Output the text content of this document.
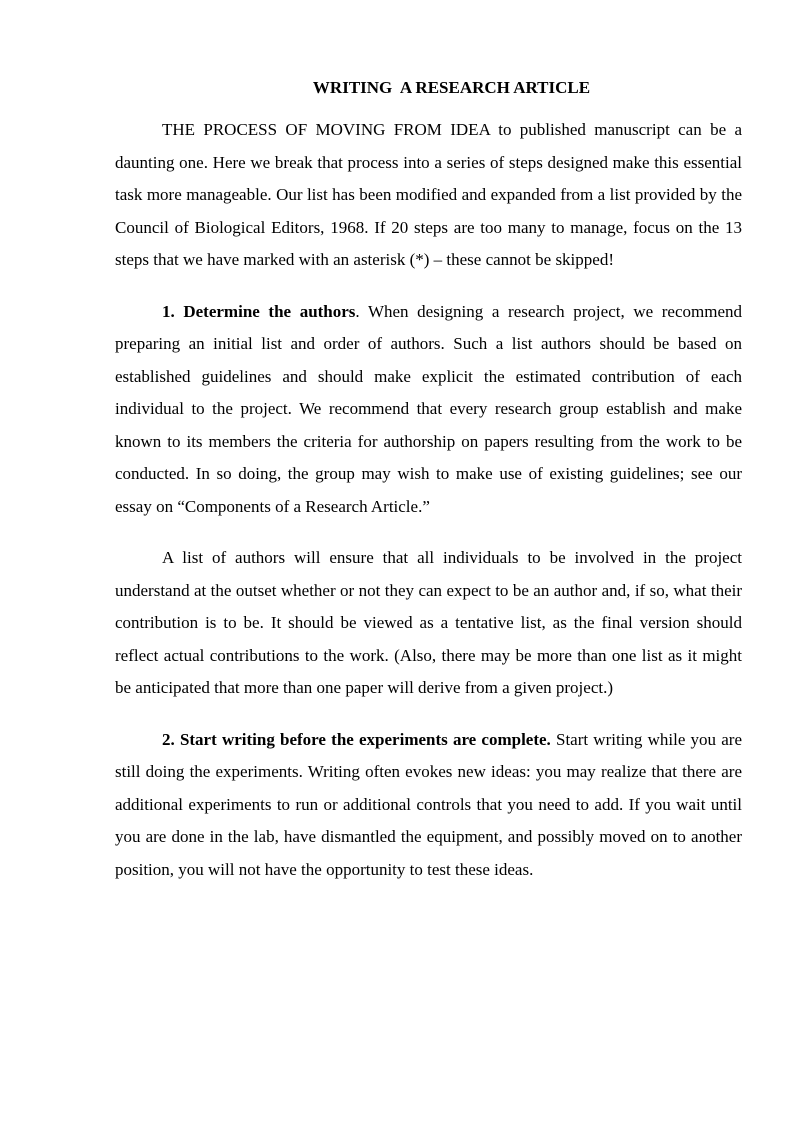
WRITING  A RESEARCH ARTICLE

THE PROCESS OF MOVING FROM IDEA to published manuscript can be a daunting one. Here we break that process into a series of steps designed make this essential task more manageable. Our list has been modified and expanded from a list provided by the Council of Biological Editors, 1968. If 20 steps are too many to manage, focus on the 13 steps that we have marked with an asterisk (*) – these cannot be skipped!

1. Determine the authors. When designing a research project, we recommend preparing an initial list and order of authors. Such a list authors should be based on established guidelines and should make explicit the estimated contribution of each individual to the project. We recommend that every research group establish and make known to its members the criteria for authorship on papers resulting from the work to be conducted. In so doing, the group may wish to make use of existing guidelines; see our essay on “Components of a Research Article.”

A list of authors will ensure that all individuals to be involved in the project understand at the outset whether or not they can expect to be an author and, if so, what their contribution is to be. It should be viewed as a tentative list, as the final version should reflect actual contributions to the work. (Also, there may be more than one list as it might be anticipated that more than one paper will derive from a given project.)

2. Start writing before the experiments are complete. Start writing while you are still doing the experiments. Writing often evokes new ideas: you may realize that there are additional experiments to run or additional controls that you need to add. If you wait until you are done in the lab, have dismantled the equipment, and possibly moved on to another position, you will not have the opportunity to test these ideas.
